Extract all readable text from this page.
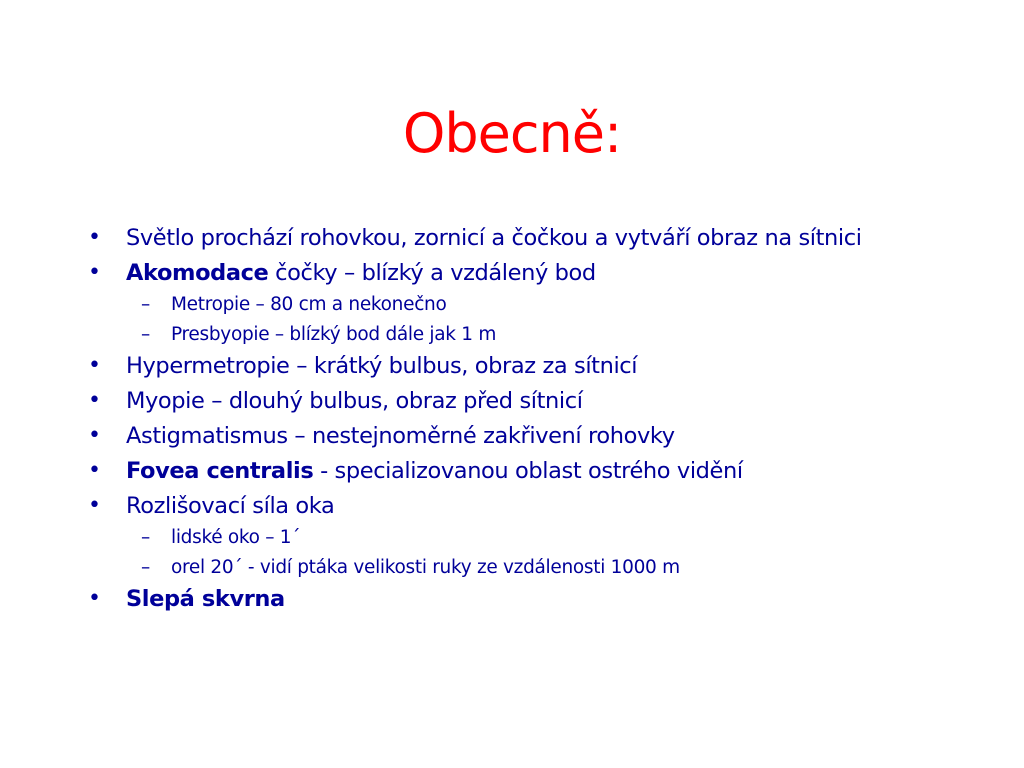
Obecně:
•	Světlo prochází rohovkou, zornicí a čočkou a vytváří obraz na sítnici
•	Akomodace čočky – blízký a vzdálený bod
–	Metropie – 80 cm a nekonečno
–	Presbyopie – blízký bod dále jak 1 m
•	Hypermetropie – krátký bulbus, obraz za sítnicí
•	Myopie – dlouhý bulbus, obraz před sítnicí
•	Astigmatismus – nestejnoměrné zakřivení rohovky
•	Fovea centralis - specializovanou oblast ostrého vidění
•	Rozlišovací síla oka
–	lidské oko – 1´
–	orel 20´ - vidí ptáka velikosti ruky ze vzdálenosti 1000 m
•	Slepá skvrna
